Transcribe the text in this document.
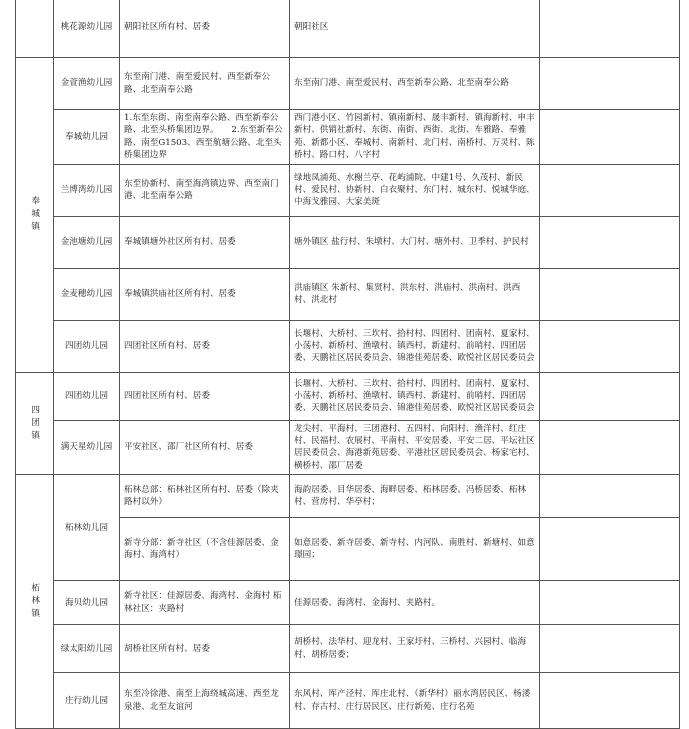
	桃花源幼儿园	朝阳社区所有村、居委	朝阳社区	
奉城镇	金萱渔幼儿园	东至南门港、南至爱民村、西至新奉公路、北至南奉公路	东至南门港、南至爱民村、西至新奉公路、北至南奉公路	
	奉城幼儿园	1.东至东街、南至南奉公路、西至新奉公路、北至头桥集团边界。　　2.东至新奉公路、南至G1503、西至航塘公路、北至头桥集团边界	西门港小区、竹园新村、镇南新村、晟丰新村、镇海新村、申丰新村、供销社新村、东街、南街、西街、北街、车雅路、奉雅苑、新都小区、奉城村、南新村、北门村、南桥村、万灵村、陈桥村、路口村、八字村	
	兰博湾幼儿园	东至协新村、南至海湾镇边界、西至南门港、北至南奉公路	绿地凤浦苑、水榭兰亭、花屿浦院、中建1号、久茂村、新民村、爱民村、协新村、白衣聚村、东门村、城东村、悦城华庭、中海戈雅园、大家美斑	
	金池塘幼儿园	奉城镇塘外社区所有村、居委	塘外镇区 盐行村、朱墩村、大门村、塘外村、卫季村、护民村	
	金麦穗幼儿园	奉城镇洪庙社区所有村、居委	洪庙镇区 朱新村、集贤村、洪东村、洪庙村、洪南村、洪西村、洪北村	
	四团幼儿园	四团社区所有村、居委	长堰村、大桥村、三坎村、拾村村、四团村、团南村、夏家村、小荡村、新桥村、渔墩村、镇西村、新建村、前哨村、四团居委、天鹏社区居民委员会、锦港佳苑居委、欧悦社区居民委员会	
四团镇	四团幼儿园	四团社区所有村、居委	长堰村、大桥村、三坎村、拾村村、四团村、团南村、夏家村、小荡村、新桥村、渔墩村、镇西村、新建村、前哨村、四团居委、天鹏社区居民委员会、锦港佳苑居委、欧悦社区居民委员会	
	满天星幼儿园	平安社区、邵厂社区所有村、居委	龙尖村、平海村、三团港村、五四村、向阳村、渔洋村、红庄村、民福村、农展村、平南村、平安居委、平安二居、平坛社区居民委员会、海港新苑居委、平港社区居民委员会、杨家宅村、横桥村、邵厂居委	
柘林镇	柘林幼儿园	柘林总部：柘林社区所有村、居委（除夹路村以外）	海韵居委、目华居委、海畔居委、柘林居委、冯桥居委、柘林村、营房村、华亭村；	
		新寺分部：新寺社区（不含佳源居委、金海村、海湾村）	如意居委、新寺居委、新寺村、内河队、南胜村、新塘村、如意璟园；	
	海贝幼儿园	新寺社区：佳源居委、海湾村、金海村 柘林社区：夹路村	佳源居委、海湾村、金海村、夹路村。	
	绿太阳幼儿园	胡桥社区所有村、居委	胡桥村、法华村、迎龙村、王家圩村、三桥村、兴园村、临海村、胡桥居委；	
	庄行幼儿园	东至冷徐港、南至上海绕城高速、西至龙泉港、北至友谊河	东风村、厍产泾村、厍庄北村、（新华村）丽水湾居民区、杨溇村、存古村、庄行居民区、庄行新苑、庄行名苑	
